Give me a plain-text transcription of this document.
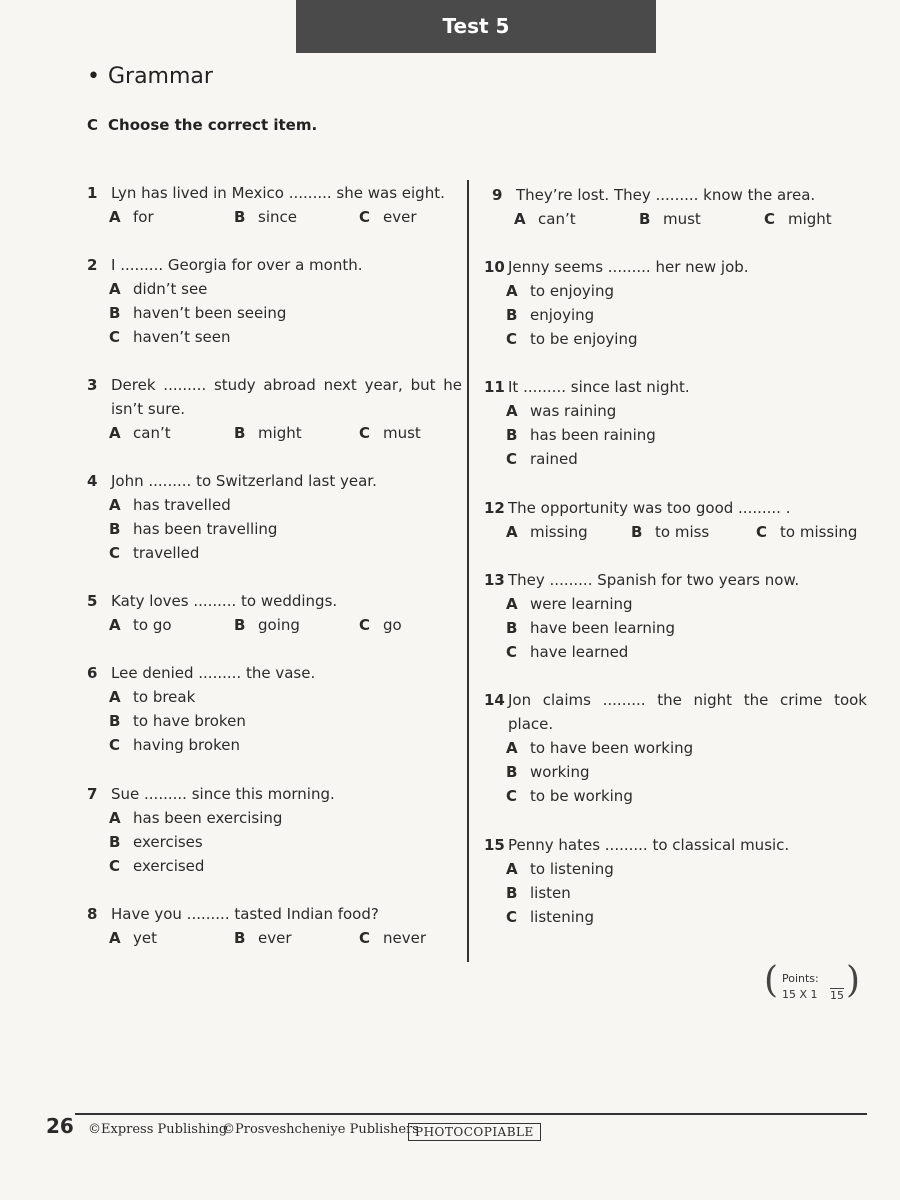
Test 5
• Grammar
C Choose the correct item.
1 Lyn has lived in Mexico ......... she was eight.
A for	B since	C ever
2 I ......... Georgia for over a month.
A didn’t see
B haven’t been seeing
C haven’t seen
3 Derek ......... study abroad next year, but he
isn’t sure.
A can’t	B might	C must
4 John ......... to Switzerland last year.
A has travelled
B has been travelling
C travelled
5 Katy loves ......... to weddings.
A to go	B going	C go
6 Lee denied ......... the vase.
A to break
B to have broken
C having broken
7 Sue ......... since this morning.
A has been exercising
B exercises
C exercised
8 Have you ......... tasted Indian food?
A yet	B ever	C never
9 They’re lost. They ......... know the area.
A can’t	B must	C might
10 Jenny seems ......... her new job.
A to enjoying
B enjoying
C to be enjoying
11 It ......... since last night.
A was raining
B has been raining
C rained
12 The opportunity was too good ......... .
A missing	B to miss	C to missing
13 They ......... Spanish for two years now.
A were learning
B have been learning
C have learned
14 Jon claims ......... the night the crime took
place.
A to have been working
B working
C to be working
15 Penny hates ......... to classical music.
A to listening
B listen
C listening
( Points:
15 X 1 15 )
26 ©Express Publishing
©Prosveshcheniye Publishers
PHOTOCOPIABLE
